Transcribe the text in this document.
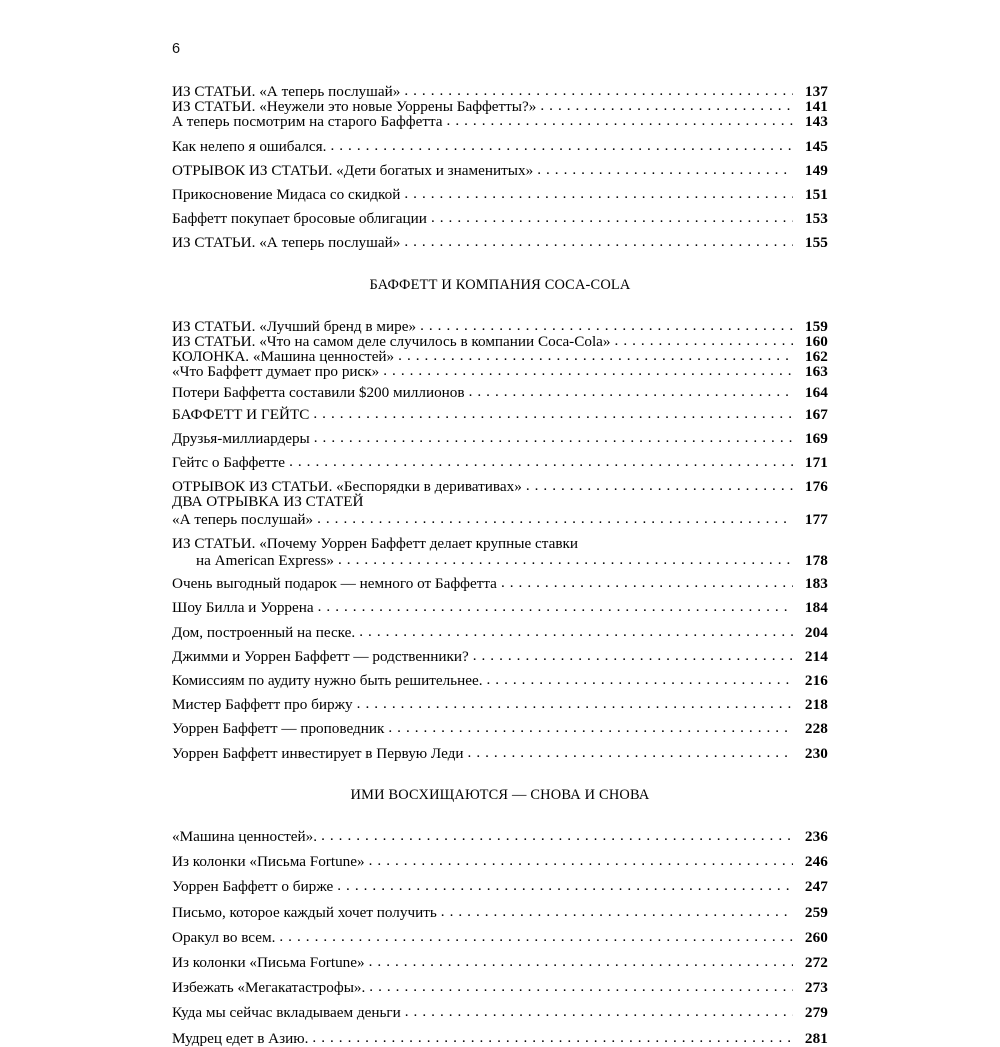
6
ИЗ СТАТЬИ. «А теперь послушай» . . .	137
ИЗ СТАТЬИ. «Неужели это новые Уоррены Баффетты?» . . .	141
А теперь посмотрим на старого Баффетта . . .	143
Как нелепо я ошибался. . . .	145
ОТРЫВОК ИЗ СТАТЬИ. «Дети богатых и знаменитых» . . .	149
Прикосновение Мидаса со скидкой . . .	151
Баффетт покупает бросовые облигации . . .	153
ИЗ СТАТЬИ. «А теперь послушай» . . .	155
БАФФЕТТ И КОМПАНИЯ COCA-COLA
ИЗ СТАТЬИ. «Лучший бренд в мире» . . .	159
ИЗ СТАТЬИ. «Что на самом деле случилось в компании Coca-Cola» . . .	160
КОЛОНКА. «Машина ценностей» . . .	162
«Что Баффетт думает про риск» . . .	163
Потери Баффетта составили $200 миллионов . . .	164
БАФФЕТТ И ГЕЙТС . . .	167
Друзья-миллиардеры . . .	169
Гейтс о Баффетте . . .	171
ОТРЫВОК ИЗ СТАТЬИ. «Беспорядки в деривативах» . . .	176
ДВА ОТРЫВКА ИЗ СТАТЕЙ
«А теперь послушай» . . .	177
ИЗ СТАТЬИ. «Почему Уоррен Баффетт делает крупные ставки
на American Express» . . .	178
Очень выгодный подарок — немного от Баффетта . . .	183
Шоу Билла и Уоррена . . .	184
Дом, построенный на песке. . . .	204
Джимми и Уоррен Баффетт — родственники? . . .	214
Комиссиям по аудиту нужно быть решительнее. . . .	216
Мистер Баффетт про биржу . . .	218
Уоррен Баффетт — проповедник . . .	228
Уоррен Баффетт инвестирует в Первую Леди . . .	230
ИМИ ВОСХИЩАЮТСЯ — СНОВА И СНОВА
«Машина ценностей». . . .	236
Из колонки «Письма Fortune» . . .	246
Уоррен Баффетт о бирже . . .	247
Письмо, которое каждый хочет получить . . .	259
Оракул во всем. . . .	260
Из колонки «Письма Fortune» . . .	272
Избежать «Мегакатастрофы». . . .	273
Куда мы сейчас вкладываем деньги . . .	279
Мудрец едет в Азию. . . .	281
